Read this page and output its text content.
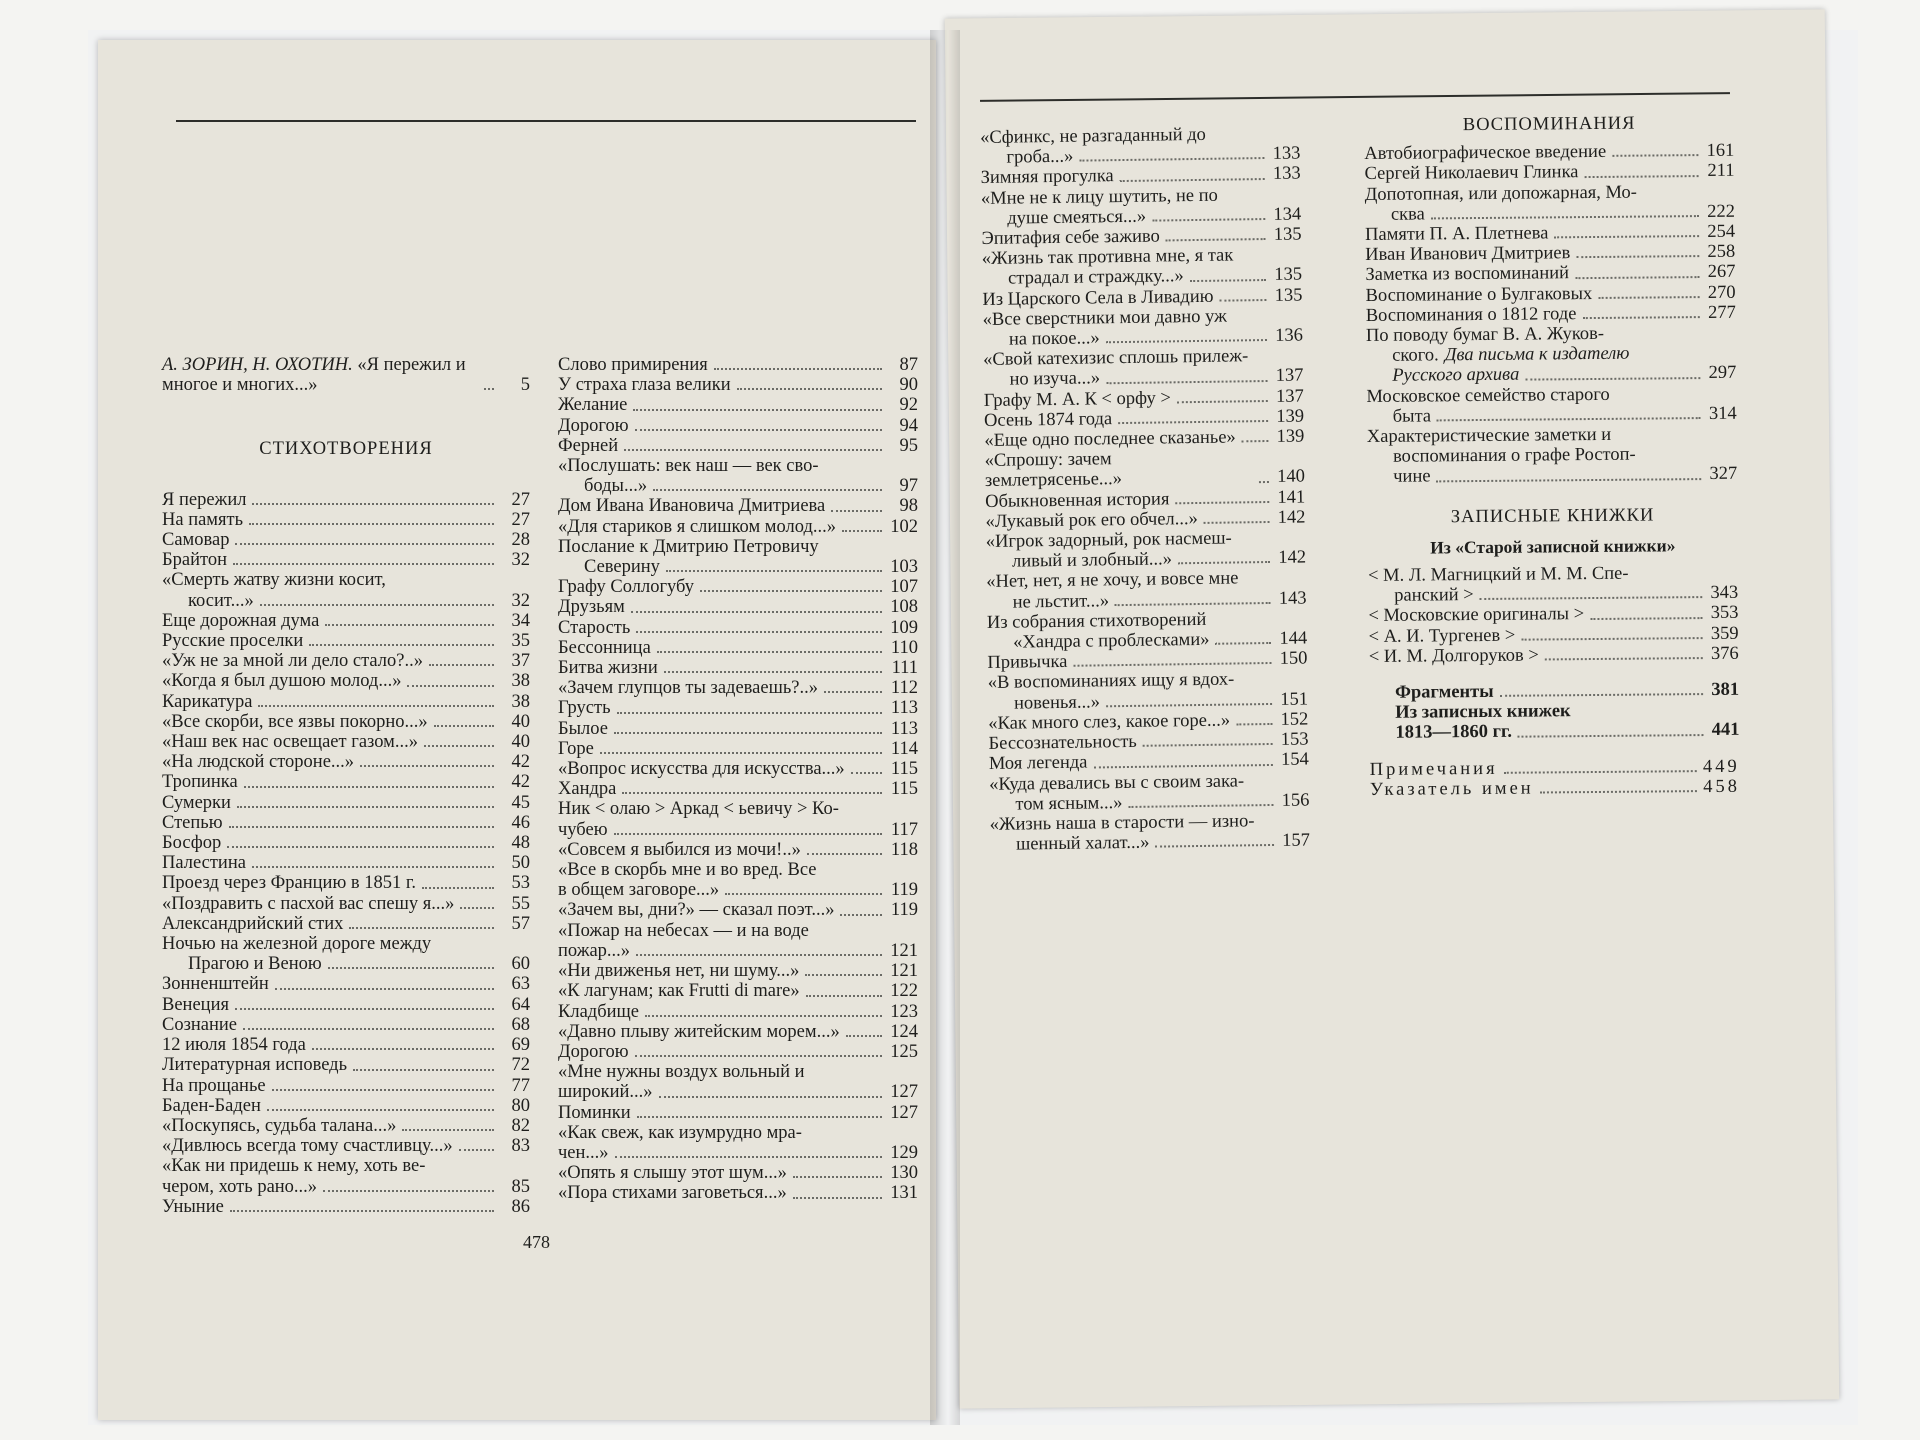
А. ЗОРИН, Н. ОХОТИН. «Я пережил и многое и многих...»	5
СТИХОТВОРЕНИЯ
Я пережил	27
На память	27
Самовар	28
Брайтон	32
«Смерть жатву жизни косит,
косит...»	32
Еще дорожная дума	34
Русские проселки	35
«Уж не за мной ли дело стало?..»	37
«Когда я был душою молод...»	38
Карикатура	38
«Все скорби, все язвы покорно...»	40
«Наш век нас освещает газом...»	40
«На людской стороне...»	42
Тропинка	42
Сумерки	45
Степью	46
Босфор	48
Палестина	50
Проезд через Францию в 1851 г.	53
«Поздравить с пасхой вас спешу я...»	55
Александрийский стих	57
Ночью на железной дороге между
Прагою и Веною	60
Зонненштейн	63
Венеция	64
Сознание	68
12 июля 1854 года	69
Литературная исповедь	72
На прощанье	77
Баден-Баден	80
«Поскупясь, судьба талана...»	82
«Дивлюсь всегда тому счастливцу...»	83
«Как ни придешь к нему, хоть ве-
чером, хоть рано...»	85
Уныние	86
Слово примирения	87
У страха глаза велики	90
Желание	92
Дорогою	94
Ферней	95
«Послушать: век наш — век сво-
боды...»	97
Дом Ивана Ивановича Дмитриева	98
«Для стариков я слишком молод...»	102
Послание к Дмитрию Петровичу
Северину	103
Графу Соллогубу	107
Друзьям	108
Старость	109
Бессонница	110
Битва жизни	111
«Зачем глупцов ты задеваешь?..»	112
Грусть	113
Былое	113
Горе	114
«Вопрос искусства для искусства...»	115
Хандра	115
Ник < олаю > Аркад < ьевичу > Ко-
чубею	117
«Совсем я выбился из мочи!..»	118
«Все в скорбь мне и во вред. Все
в общем заговоре...»	119
«Зачем вы, дни?» — сказал поэт...»	119
«Пожар на небесах — и на воде
пожар...»	121
«Ни движенья нет, ни шуму...»	121
«К лагунам; как Frutti di mare»	122
Кладбище	123
«Давно плыву житейским морем...»	124
Дорогою	125
«Мне нужны воздух вольный и
широкий...»	127
Поминки	127
«Как свеж, как изумрудно мра-
чен...»	129
«Опять я слышу этот шум...»	130
«Пора стихами заговеться...»	131
478
«Сфинкс, не разгаданный до
гроба...»	133
Зимняя прогулка	133
«Мне не к лицу шутить, не по
душе смеяться...»	134
Эпитафия себе заживо	135
«Жизнь так противна мне, я так
страдал и страждку...»	135
Из Царского Села в Ливадию	135
«Все сверстники мои давно уж
на покое...»	136
«Свой катехизис сплошь прилеж-
но изуча...»	137
Графу М. А. К < орфу >	137
Осень 1874 года	139
«Еще одно последнее сказанье» 139
«Спрошу: зачем землетрясенье...»	140
Обыкновенная история	141
«Лукавый рок его обчел...»	142
«Игрок задорный, рок насмеш-
ливый и злобный...»	142
«Нет, нет, я не хочу, и вовсе мне
не льстит...»	143
Из собрания стихотворений
«Хандра с проблесками»	144
Привычка	150
«В воспоминаниях ищу я вдох-
новенья...»	151
«Как много слез, какое горе...»	152
Бессознательность	153
Моя легенда	154
«Куда девались вы с своим зака-
том ясным...»	156
«Жизнь наша в старости — изно-
шенный халат...»	157
ВОСПОМИНАНИЯ
Автобиографическое введение	161
Сергей Николаевич Глинка	211
Допотопная, или допожарная, Мо-
сква	222
Памяти П. А. Плетнева	254
Иван Иванович Дмитриев	258
Заметка из воспоминаний	267
Воспоминание о Булгаковых	270
Воспоминания о 1812 годе	277
По поводу бумаг В. А. Жуков-
ского. Два письма к издателю
Русского архива	297
Московское семейство старого
быта	314
Характеристические заметки и
воспоминания о графе Ростоп-
чине	327
ЗАПИСНЫЕ КНИЖКИ
Из «Старой записной книжки»
< М. Л. Магницкий и М. М. Спе-
ранский >	343
< Московские оригиналы >	353
< А. И. Тургенев >	359
< И. М. Долгоруков >	376
Фрагменты	381
Из записных книжек
1813—1860 гг.	441
Примечания	449
Указатель имен	458
